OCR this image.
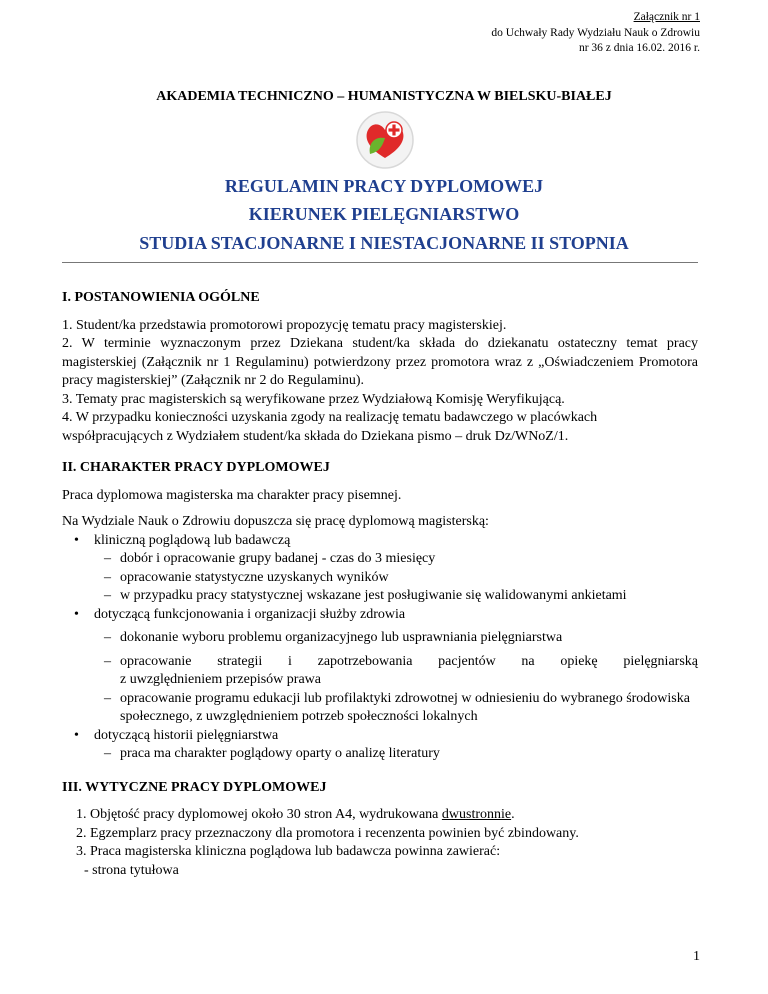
Załącznik nr 1
do Uchwały Rady Wydziału Nauk o Zdrowiu
nr 36 z dnia 16.02. 2016 r.
AKADEMIA TECHNICZNO – HUMANISTYCZNA W BIELSKU-BIAŁEJ
REGULAMIN PRACY DYPLOMOWEJ
KIERUNEK PIELĘGNIARSTWO
STUDIA STACJONARNE I NIESTACJONARNE II STOPNIA
I. POSTANOWIENIA OGÓLNE

1. Student/ka przedstawia promotorowi propozycję tematu pracy magisterskiej.

2. W terminie wyznaczonym przez Dziekana student/ka składa do dziekanatu ostateczny temat pracy magisterskiej (Załącznik nr 1 Regulaminu) potwierdzony przez promotora wraz z „Oświadczeniem Promotora pracy magisterskiej” (Załącznik nr 2 do Regulaminu).

3. Tematy prac magisterskich są weryfikowane przez Wydziałową Komisję Weryfikującą.

4. W przypadku konieczności uzyskania zgody na realizację tematu badawczego w placówkach współpracujących z Wydziałem student/ka składa do Dziekana pismo – druk Dz/WNoZ/1.

II. CHARAKTER PRACY DYPLOMOWEJ

Praca dyplomowa magisterska ma charakter pracy pisemnej.

Na Wydziale Nauk o Zdrowiu dopuszcza się pracę dyplomową magisterską:

• kliniczną poglądową lub badawczą
– dobór i opracowanie grupy badanej - czas do 3 miesięcy
– opracowanie statystyczne uzyskanych wyników
– w przypadku pracy statystycznej wskazane jest posługiwanie się walidowanymi ankietami
• dotyczącą funkcjonowania i organizacji służby zdrowia
– dokonanie wyboru problemu organizacyjnego lub usprawniania pielęgniarstwa
– opracowanie strategii i zapotrzebowania pacjentów na opiekę pielęgniarską
z uwzględnieniem przepisów prawa
– opracowanie programu edukacji lub profilaktyki zdrowotnej w odniesieniu do wybranego środowiska społecznego, z uwzględnieniem potrzeb społeczności lokalnych
• dotyczącą historii pielęgniarstwa
– praca ma charakter poglądowy oparty o analizę literatury
III. WYTYCZNE PRACY DYPLOMOWEJ

1. Objętość pracy dyplomowej około 30 stron A4, wydrukowana dwustronnie.

2. Egzemplarz pracy przeznaczony dla promotora i recenzenta powinien być zbindowany.

3. Praca magisterska kliniczna poglądowa lub badawcza powinna zawierać:

- strona tytułowa

1
